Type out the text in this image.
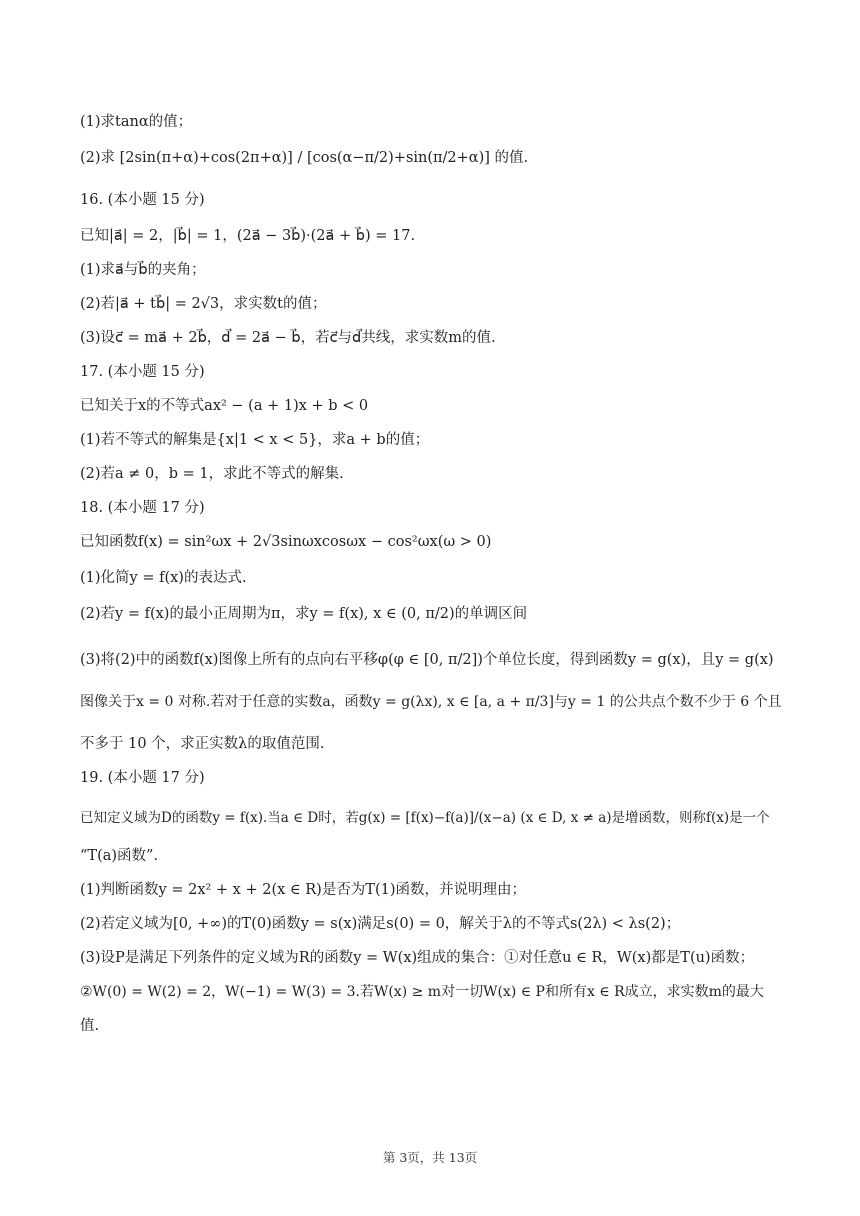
(1)求tanα的值；
(2)求 [2sin(π+α)+cos(2π+α)] / [cos(α−π/2)+sin(π/2+α)] 的值.
16. (本小题 15 分)
已知|a⃗| = 2，|b⃗| = 1，(2a⃗ − 3b⃗)·(2a⃗ + b⃗) = 17.
(1)求a⃗与b⃗的夹角；
(2)若|a⃗ + tb⃗| = 2√3，求实数t的值；
(3)设c⃗ = ma⃗ + 2b⃗，d⃗ = 2a⃗ − b⃗，若c⃗与d⃗共线，求实数m的值.
17. (本小题 15 分)
已知关于x的不等式ax² − (a + 1)x + b < 0
(1)若不等式的解集是{x|1 < x < 5}，求a + b的值；
(2)若a ≠ 0，b = 1，求此不等式的解集.
18. (本小题 17 分)
已知函数f(x) = sin²ωx + 2√3sinωxcosωx − cos²ωx(ω > 0)
(1)化简y = f(x)的表达式.
(2)若y = f(x)的最小正周期为π，求y = f(x), x ∈ (0, π/2)的单调区间
(3)将(2)中的函数f(x)图像上所有的点向右平移φ(φ ∈ [0, π/2])个单位长度，得到函数y = g(x)，且y = g(x)
图像关于x = 0 对称.若对于任意的实数a，函数y = g(λx), x ∈ [a, a + π/3]与y = 1 的公共点个数不少于 6 个且
不多于 10 个，求正实数λ的取值范围.
19. (本小题 17 分)
已知定义域为D的函数y = f(x).当a ∈ D时，若g(x) = [f(x)−f(a)]/(x−a) (x ∈ D, x ≠ a)是增函数，则称f(x)是一个
“T(a)函数”.
(1)判断函数y = 2x² + x + 2(x ∈ R)是否为T(1)函数，并说明理由；
(2)若定义域为[0, +∞)的T(0)函数y = s(x)满足s(0) = 0，解关于λ的不等式s(2λ) < λs(2)；
(3)设P是满足下列条件的定义域为R的函数y = W(x)组成的集合：①对任意u ∈ R，W(x)都是T(u)函数；
②W(0) = W(2) = 2，W(−1) = W(3) = 3.若W(x) ≥ m对一切W(x) ∈ P和所有x ∈ R成立，求实数m的最大
值.
第 3页，共 13页
